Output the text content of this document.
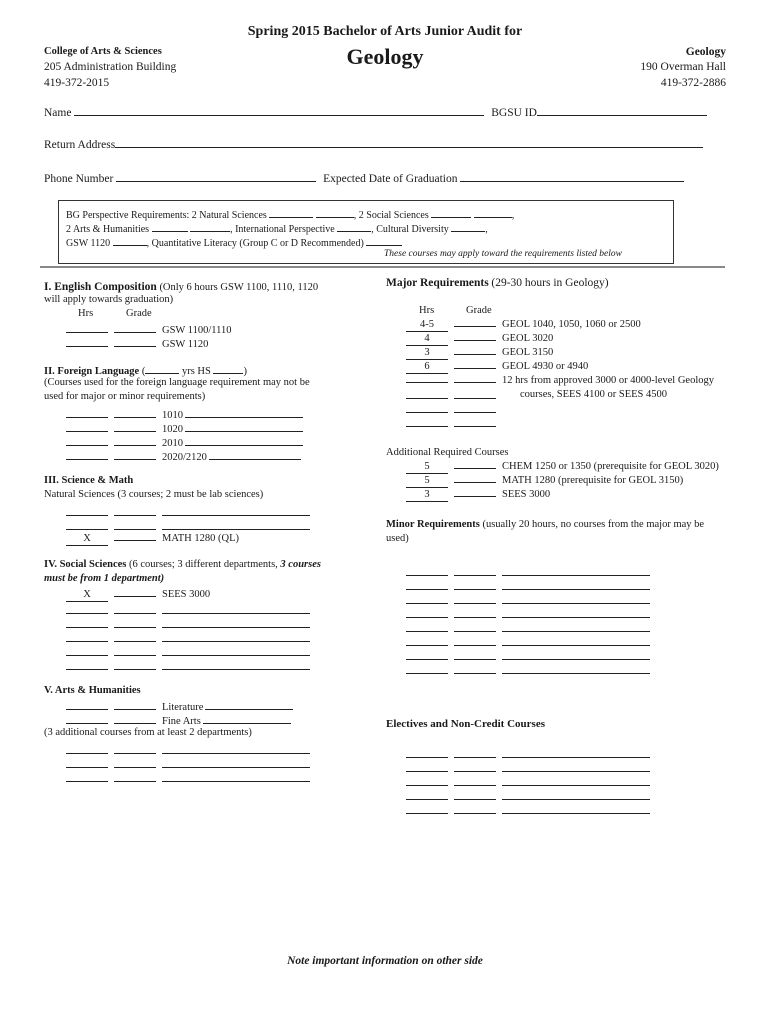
Spring 2015 Bachelor of Arts Junior Audit for
Geology
College of Arts & Sciences
205 Administration Building
419-372-2015
Geology
190 Overman Hall
419-372-2886
Name	BGSU ID
Return Address
Phone Number	Expected Date of Graduation
BG Perspective Requirements: 2 Natural Sciences	, 2 Social Sciences	,
2 Arts & Humanities	, International Perspective	, Cultural Diversity	,
GSW 1120	, Quantitative Literacy (Group C or D Recommended)
These courses may apply toward the requirements listed below
I. English Composition (Only 6 hours GSW 1100, 1110, 1120
will apply towards graduation)
Hrs	Grade
GSW 1100/1110
GSW 1120
II. Foreign Language (	yrs HS	)
(Courses used for the foreign language requirement may not be
used for major or minor requirements)
1010
1020
2010
2020/2120
III. Science & Math
Natural Sciences (3 courses; 2 must be lab sciences)
X	MATH 1280 (QL)
IV. Social Sciences (6 courses; 3 different departments, 3 courses
must be from 1 department)
X	SEES 3000
V. Arts & Humanities
Literature
Fine Arts
(3 additional courses from at least 2 departments)
Major Requirements (29-30 hours in Geology)
Hrs	Grade
4-5	GEOL 1040, 1050, 1060 or 2500
4	GEOL 3020
3	GEOL 3150
6	GEOL 4930 or 4940
12 hrs from approved 3000 or 4000-level Geology
courses, SEES 4100 or SEES 4500
Additional Required Courses
5	CHEM 1250 or 1350 (prerequisite for GEOL 3020)
5	MATH 1280 (prerequisite for GEOL 3150)
3	SEES 3000
Minor Requirements (usually 20 hours, no courses from the major may be
used)
Electives and Non-Credit Courses
Note important information on other side
